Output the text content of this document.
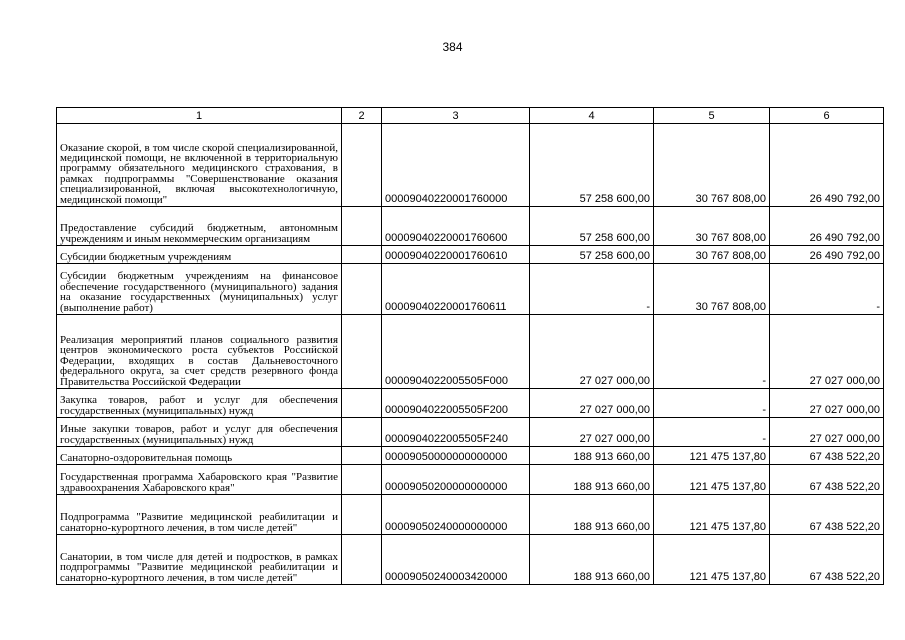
384
1	2	3	4	5	6
Оказание скорой, в том числе скорой специализированной, медицинской помощи, не включенной в территориальную программу обязательного медицинского страхования, в рамках подпрограммы "Совершенствование оказания специализированной, включая высокотехнологичную, медицинской помощи"		00009040220001760000	57 258 600,00	30 767 808,00	26 490 792,00
Предоставление субсидий бюджетным, автономным учреждениям и иным некоммерческим организациям		00009040220001760600	57 258 600,00	30 767 808,00	26 490 792,00
Субсидии бюджетным учреждениям		00009040220001760610	57 258 600,00	30 767 808,00	26 490 792,00
Субсидии бюджетным учреждениям на финансовое обеспечение государственного (муниципального) задания на оказание государственных (муниципальных) услуг (выполнение работ)		00009040220001760611	-	30 767 808,00	-
Реализация мероприятий планов социального развития центров экономического роста субъектов Российской Федерации, входящих в состав Дальневосточного федерального округа, за счет средств резервного фонда Правительства Российской Федерации		0000904022005505F000	27 027 000,00	-	27 027 000,00
Закупка товаров, работ и услуг для обеспечения государственных (муниципальных) нужд		0000904022005505F200	27 027 000,00	-	27 027 000,00
Иные закупки товаров, работ и услуг для обеспечения государственных (муниципальных) нужд		0000904022005505F240	27 027 000,00	-	27 027 000,00
Санаторно-оздоровительная помощь		00009050000000000000	188 913 660,00	121 475 137,80	67 438 522,20
Государственная программа Хабаровского края "Развитие здравоохранения Хабаровского края"		00009050200000000000	188 913 660,00	121 475 137,80	67 438 522,20
Подпрограмма "Развитие медицинской реабилитации и санаторно-курортного лечения, в том числе детей"		00009050240000000000	188 913 660,00	121 475 137,80	67 438 522,20
Санатории, в том числе для детей и подростков, в рамках подпрограммы "Развитие медицинской реабилитации и санаторно-курортного лечения, в том числе детей"		00009050240003420000	188 913 660,00	121 475 137,80	67 438 522,20
